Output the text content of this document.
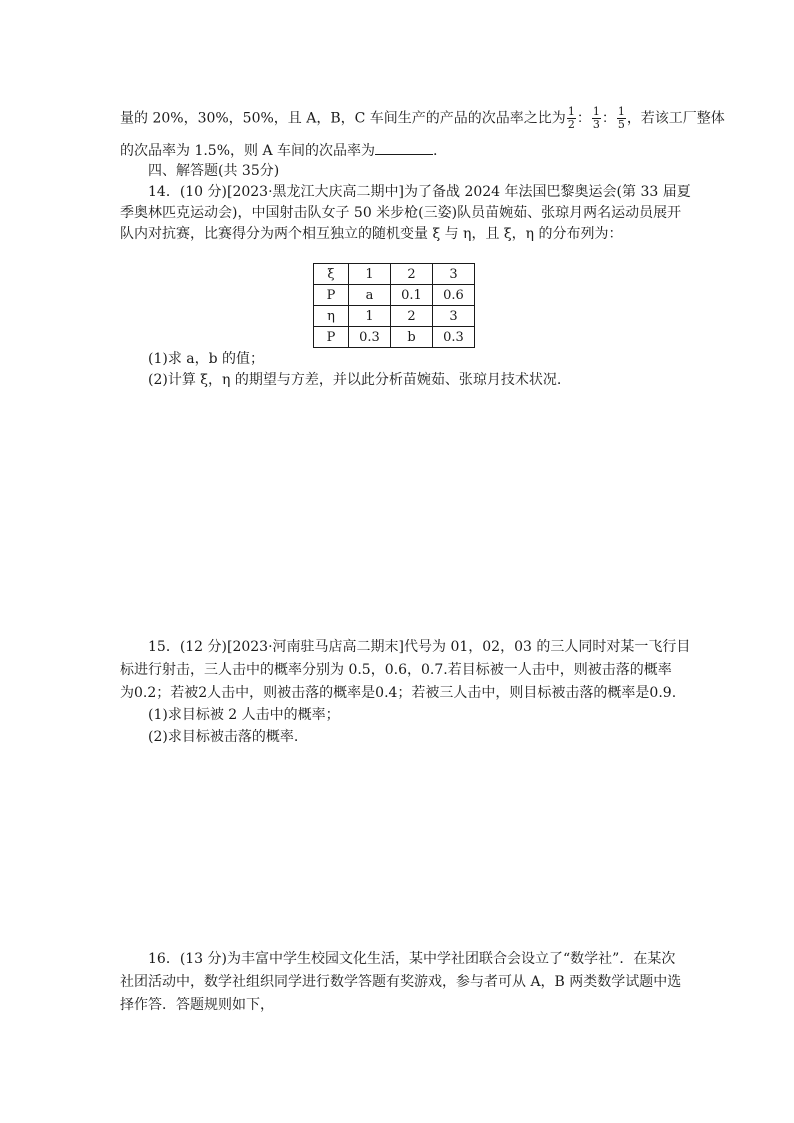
量的 20%，30%，50%，且 A，B，C 车间生产的产品的次品率之比为 $\frac{1}{2}$ ： $\frac{1}{3}$ ： $\frac{1}{5}$ ，若该工厂整体
的次品率为 1.5%，则 A 车间的次品率为	.
四、解答题(共 35分)
14．(10 分)[2023·黑龙江大庆高二期中]为了备战 2024 年法国巴黎奥运会(第 33 届夏
季奥林匹克运动会)，中国射击队女子 50 米步枪(三姿)队员苗婉茹、张琼月两名运动员展开
队内对抗赛，比赛得分为两个相互独立的随机变量 ξ 与 η，且 ξ，η 的分布列为：
ξ	1	2	3
P	a	0.1	0.6
η	1	2	3
P	0.3	b	0.3
(1)求 a，b 的值；
(2)计算 ξ，η 的期望与方差，并以此分析苗婉茹、张琼月技术状况.
15．(12 分)[2023·河南驻马店高二期末]代号为 01，02，03 的三人同时对某一飞行目
标进行射击，三人击中的概率分别为 0.5，0.6，0.7.若目标被一人击中，则被击落的概率
为0.2；若被2人击中，则被击落的概率是0.4；若被三人击中，则目标被击落的概率是0.9.
(1)求目标被 2 人击中的概率；
(2)求目标被击落的概率.
16．(13 分)为丰富中学生校园文化生活，某中学社团联合会设立了“数学社”．在某次
社团活动中，数学社组织同学进行数学答题有奖游戏，参与者可从 A，B 两类数学试题中选
择作答．答题规则如下，
